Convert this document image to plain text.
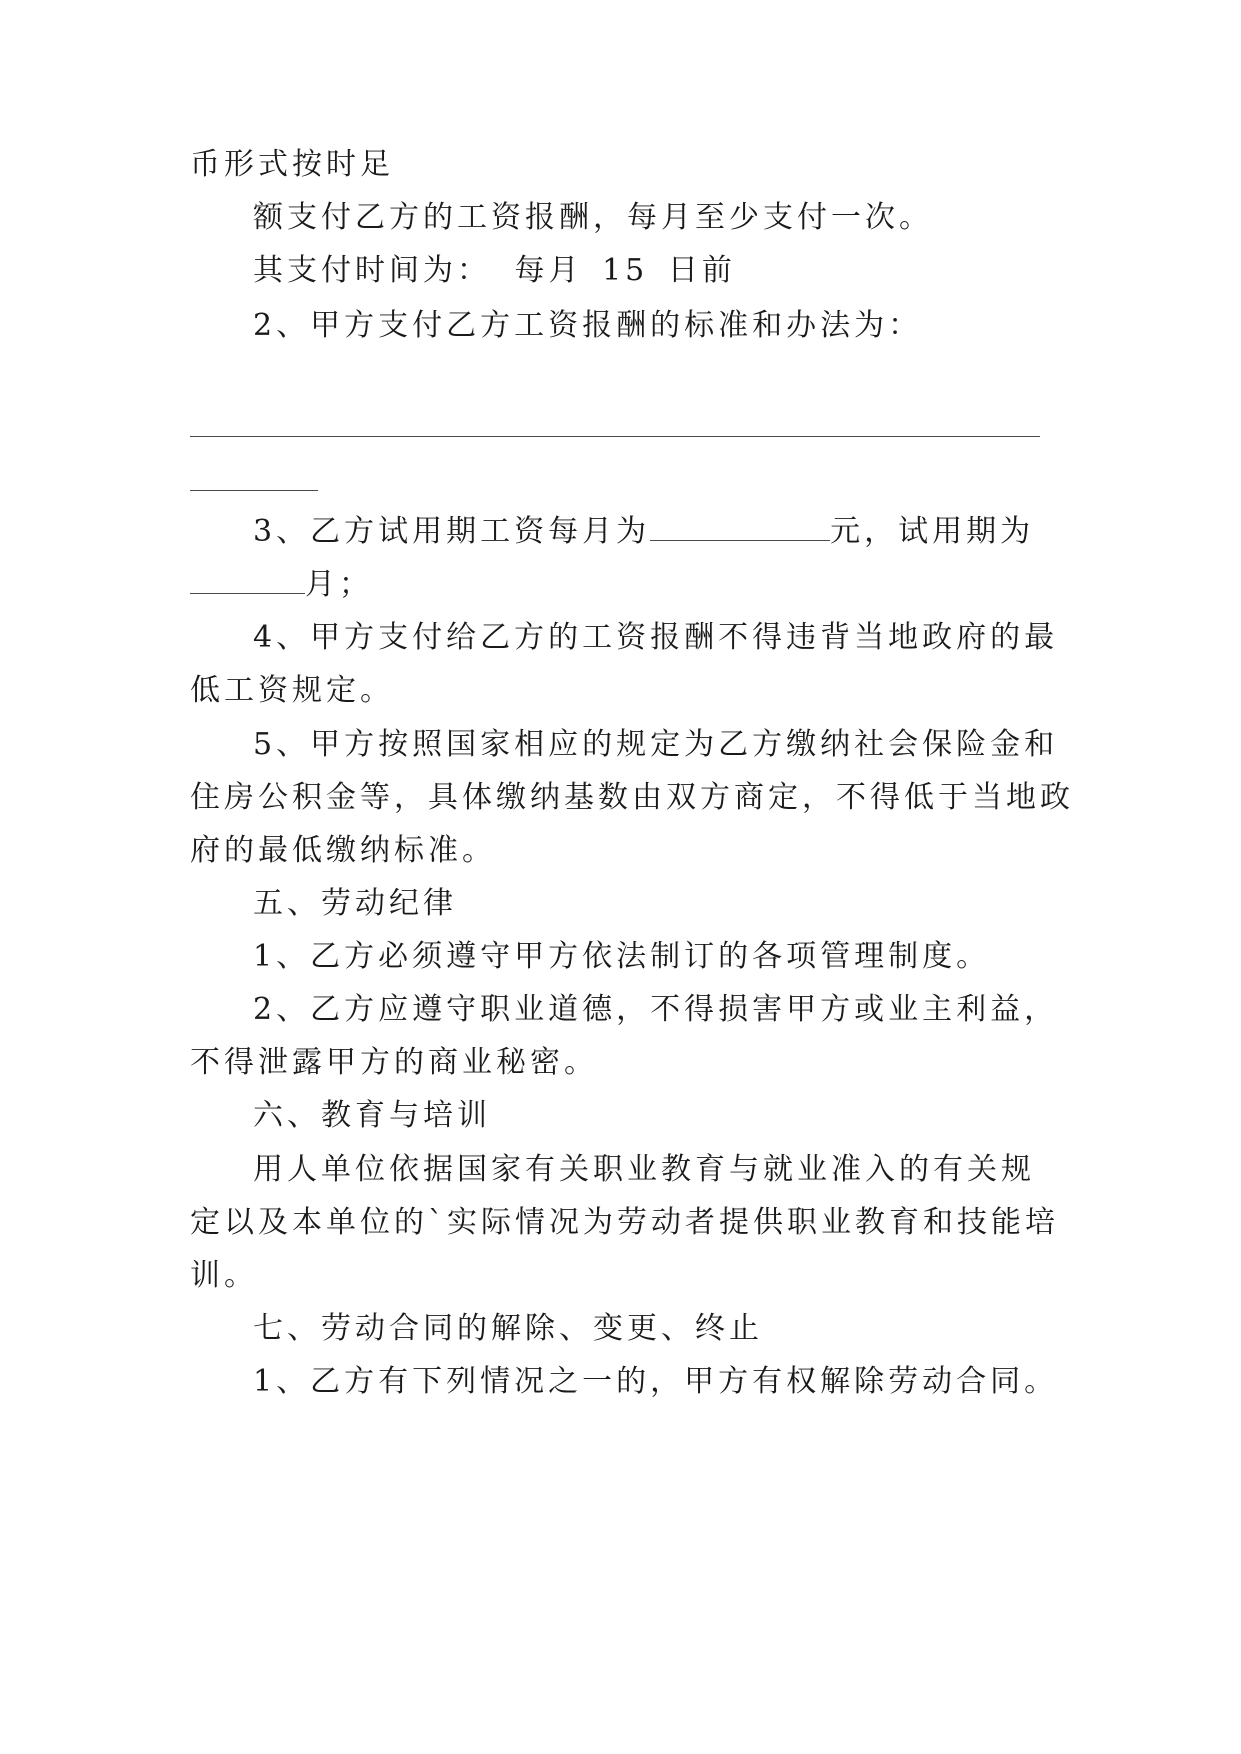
币形式按时足
额支付乙方的工资报酬，每月至少支付一次。
其支付时间为： 每月 15 日前
2、甲方支付乙方工资报酬的标准和办法为：
3、乙方试用期工资每月为	元，试用期为
月；
4、甲方支付给乙方的工资报酬不得违背当地政府的最
低工资规定。
5、甲方按照国家相应的规定为乙方缴纳社会保险金和
住房公积金等，具体缴纳基数由双方商定，不得低于当地政
府的最低缴纳标准。
五、劳动纪律
1、乙方必须遵守甲方依法制订的各项管理制度。
2、乙方应遵守职业道德，不得损害甲方或业主利益，
不得泄露甲方的商业秘密。
六、教育与培训
用人单位依据国家有关职业教育与就业准入的有关规
定以及本单位的`实际情况为劳动者提供职业教育和技能培
训。
七、劳动合同的解除、变更、终止
1、乙方有下列情况之一的，甲方有权解除劳动合同。
